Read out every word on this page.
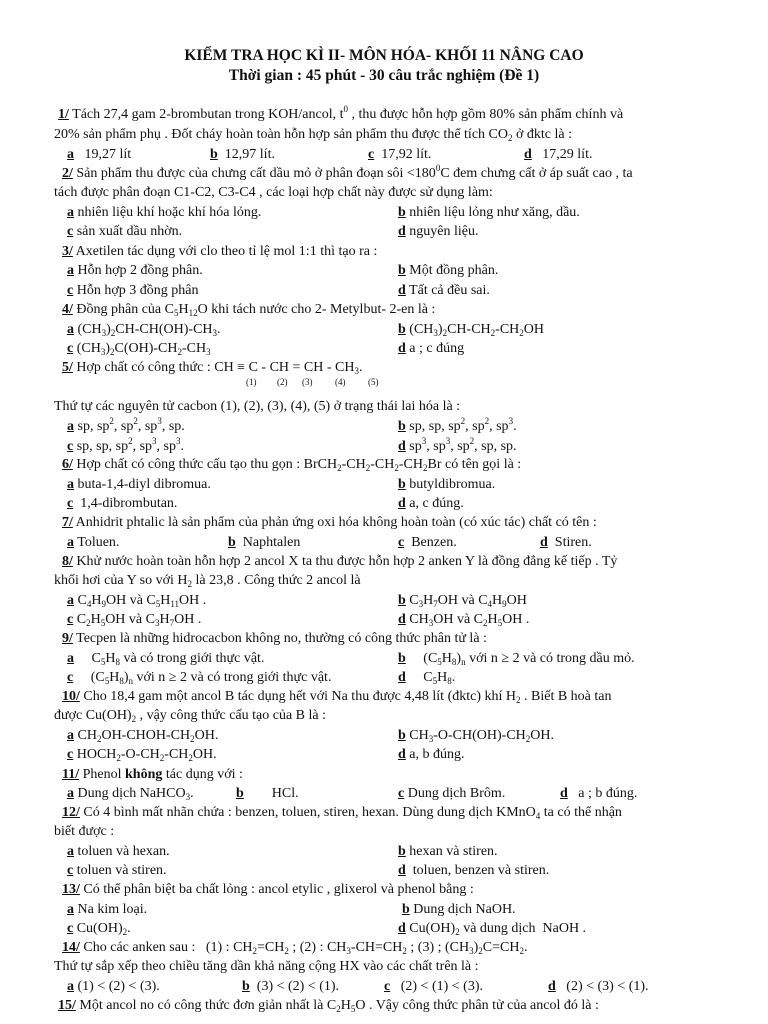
KIỂM TRA HỌC KÌ II- MÔN HÓA- KHỐI 11 NÂNG CAO
Thời gian : 45 phút - 30 câu trắc nghiệm (Đề 1)
1/ Tách 27,4 gam 2-brombutan trong KOH/ancol, $t^0$ , thu được hỗn hợp gồm 80% sản phẩm chính và
20% sản phẩm phụ . Đốt cháy hoàn toàn hỗn hợp sản phẩm thu được thể tích $CO_2$ ở đktc là :
a 19,27 lít	b 12,97 lít.	c 17,92 lít.	d 17,29 lít.
2/ Sản phẩm thu được của chưng cất dầu mỏ ở phân đoạn sôi $<180^0C$ đem chưng cất ở áp suất cao , ta
tách được phân đoạn C1-C2, C3-C4 , các loại hợp chất này được sử dụng làm:
a nhiên liệu khí hoặc khí hóa lỏng.	b nhiên liệu lỏng như xăng, dầu.
c sản xuất dầu nhờn.	d nguyên liệu.
3/ Axetilen tác dụng với clo theo tỉ lệ mol 1:1 thì tạo ra :
a Hỗn hợp 2 đồng phân.	b Một đồng phân.
c Hỗn hợp 3 đồng phân	d Tất cả đều sai.
4/ Đồng phân của $C_5H_{12}O$ khi tách nước cho 2- Metylbut- 2-en là :
a $(CH_3)_2CH-CH(OH)-CH_3$.	b $(CH_3)_2CH-CH_2-CH_2OH$
c $(CH_3)_2C(OH)-CH_2-CH_3$	d a ; c đúng
5/ Hợp chất có công thức : CH ≡ C - CH = CH - $CH_3$.
(1) (2) (3)	(4)	(5)
Thứ tự các nguyên tử cacbon (1), (2), (3), (4), (5) ở trạng thái lai hóa là :
a sp, $sp^2$, $sp^2$, $sp^3$, sp.	b sp, sp, $sp^2$, $sp^2$, $sp^3$.
c sp, sp, $sp^2$, $sp^3$, $sp^3$.	d $sp^3$, $sp^3$, $sp^2$, sp, sp.
6/ Hợp chất có công thức cấu tạo thu gọn : $BrCH_2-CH_2-CH_2-CH_2Br$ có tên gọi là :
a buta-1,4-diyl dibromua.	b butyldibromua.
c 1,4-dibrombutan.	d a, c đúng.
7/ Anhidrit phtalic là sản phẩm của phản ứng oxi hóa không hoàn toàn (có xúc tác) chất có tên :
a Toluen.	b Naphtalen	c Benzen.	d Stiren.
8/ Khử nước hoàn toàn hỗn hợp 2 ancol X ta thu được hỗn hợp 2 anken Y là đồng đẳng kế tiếp . Tỷ
khối hơi của Y so với $H_2$ là 23,8 . Công thức 2 ancol là
a $C_4H_9OH$ và $C_5H_{11}OH$ .	b $C_3H_7OH$ và $C_4H_9OH$
c $C_2H_5OH$ và $C_3H_7OH$ .	d $CH_3OH$ và $C_2H_5OH$ .
9/ Tecpen là những hidrocacbon không no, thường có công thức phân tử là :
a     $C_5H_8$ và có trong giới thực vật.	b     $(C_5H_8)_n$ với n ≥ 2 và có trong dầu mỏ.
c     $(C_5H_8)_n$ với n ≥ 2 và có trong giới thực vật.	d     $C_5H_8$.
10/ Cho 18,4 gam một ancol B tác dụng hết với Na thu được 4,48 lít (đktc) khí $H_2$ . Biết B hoà tan
được $Cu(OH)_2$ , vậy công thức cấu tạo của B là :
a $CH_2OH-CHOH-CH_2OH$.	b $CH_3-O-CH(OH)-CH_2OH$.
c $HOCH_2-O-CH_2-CH_2OH$.	d a, b đúng.
11/ Phenol không tác dụng với :
a Dung dịch NaHCO$_3$.	b HCl.	c Dung dịch Brôm.	d a ; b đúng.
12/ Có 4 bình mất nhãn chứa : benzen, toluen, stiren, hexan. Dùng dung dịch KMnO$_4$ ta có thể nhận
biết được :
a toluen và hexan.	b hexan và stiren.
c toluen và stiren.	d toluen, benzen và stiren.
13/ Có thể phân biệt ba chất lỏng : ancol etylic , glixerol và phenol bằng :
a Na kim loại.	b Dung dịch NaOH.
c $Cu(OH)_2$.	d $Cu(OH)_2$ và dung dịch  NaOH .
14/ Cho các anken sau :   (1) : $CH_2=CH_2$ ; (2) : $CH_3-CH=CH_2$ ; (3) ; $(CH_3)_2C=CH_2$.
Thứ tự sắp xếp theo chiều tăng dần khả năng cộng HX vào các chất trên là :
a (1) < (2) < (3).	b (3) < (2) < (1).	c (2) < (1) < (3).	d (2) < (3) < (1).
15/ Một ancol no có công thức đơn giản nhất là $C_2H_5O$ . Vậy công thức phân tử của ancol đó là :
